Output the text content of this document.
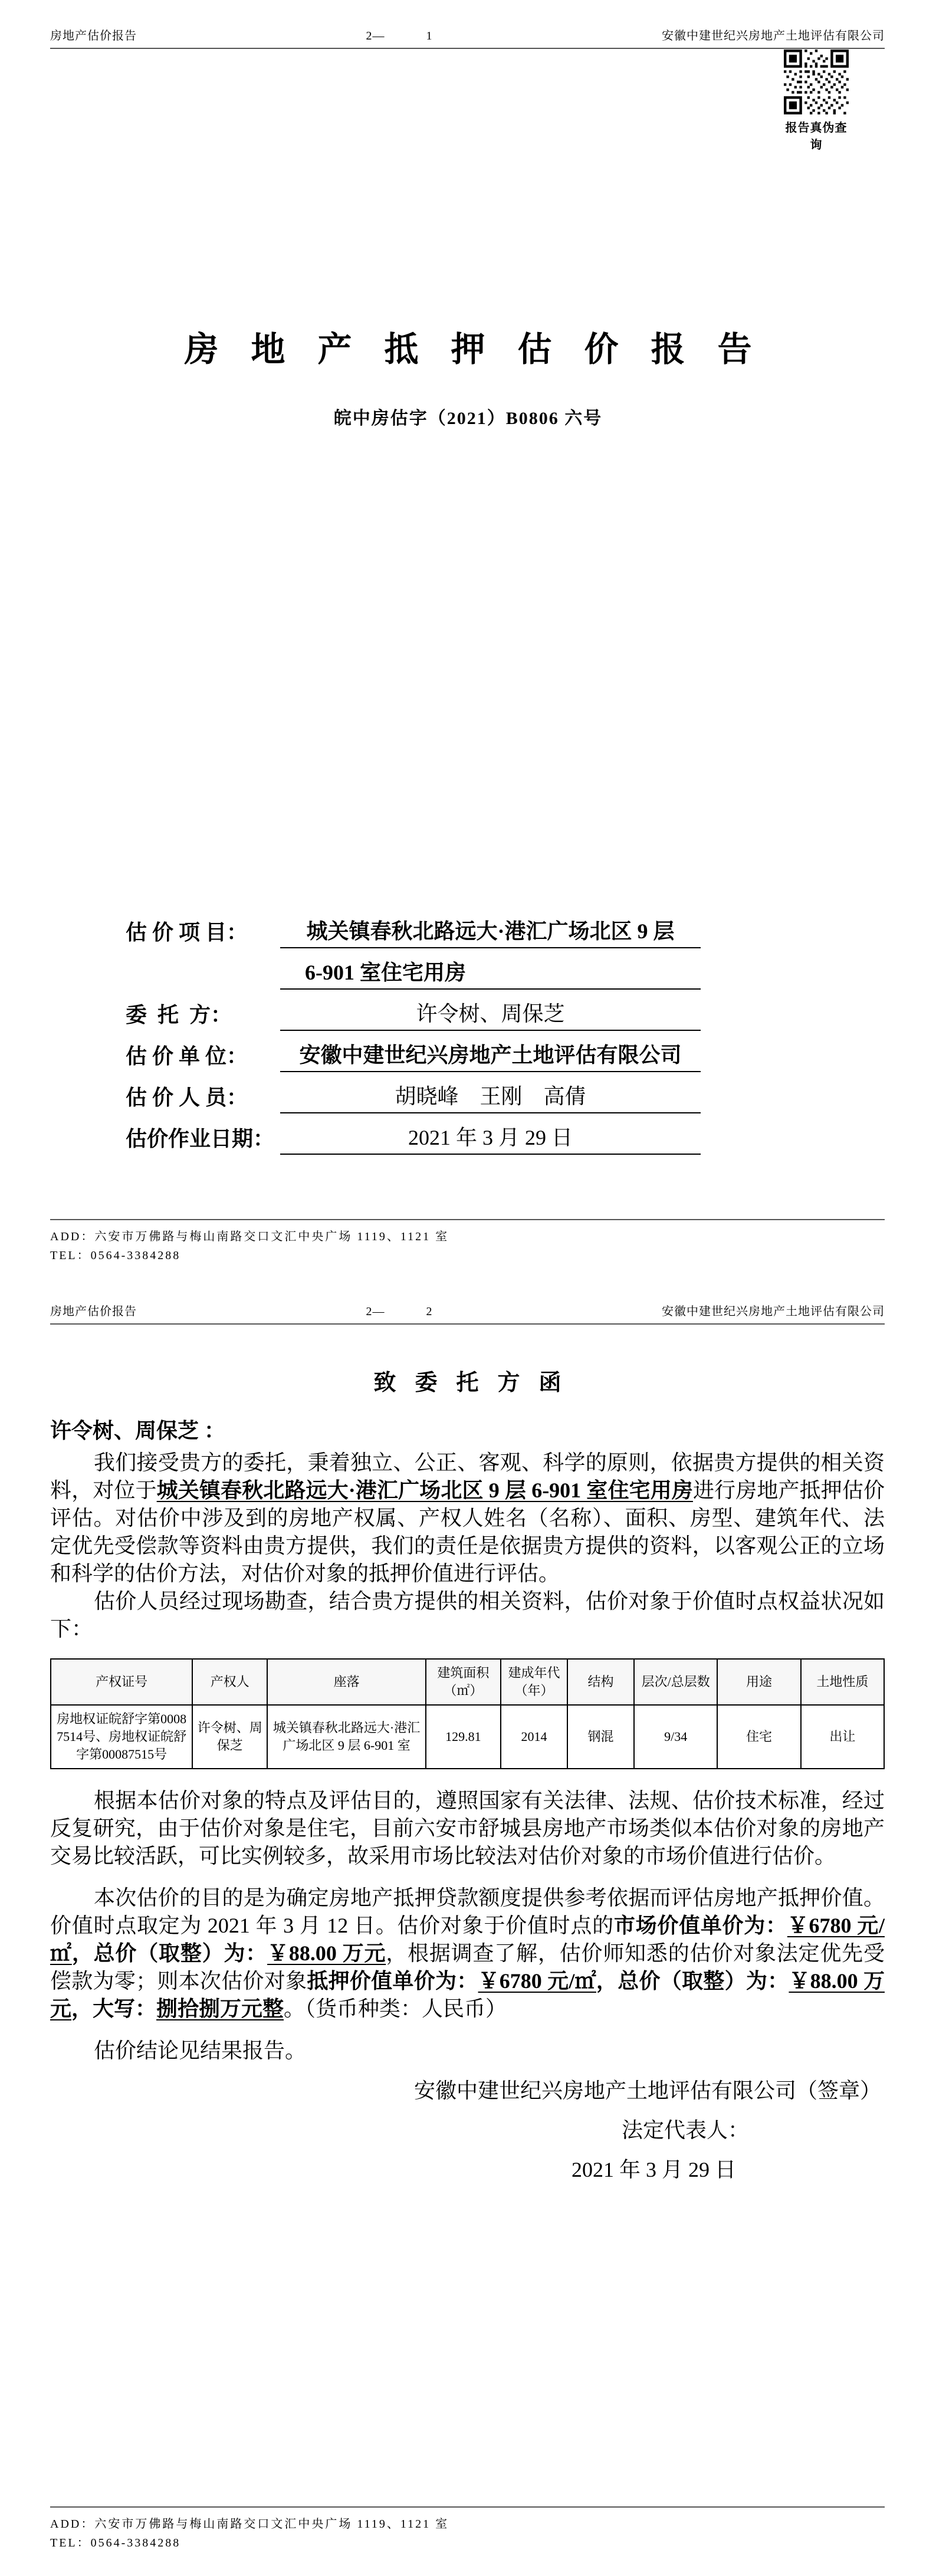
房地产估价报告	2—	1	安徽中建世纪兴房地产土地评估有限公司
报告真伪查询
房地产抵押估价报告
皖中房估字（2021）B0806 六号
估 价 项 目：	城关镇春秋北路远大·港汇广场北区 9 层
6-901 室住宅用房
委  托  方：	许令树、周保芝
估 价 单 位：	安徽中建世纪兴房地产土地评估有限公司
估 价 人 员：	胡晓峰　王刚　高倩
估价作业日期：	2021 年 3 月 29 日
ADD：六安市万佛路与梅山南路交口文汇中央广场 1119、1121 室
TEL：0564-3384288
房地产估价报告	2—	2	安徽中建世纪兴房地产土地评估有限公司
致委托方函
许令树、周保芝 ：

我们接受贵方的委托，秉着独立、公正、客观、科学的原则，依据贵方提供的相关资料，对位于城关镇春秋北路远大·港汇广场北区 9 层 6-901 室住宅用房进行房地产抵押估价评估。对估价中涉及到的房地产权属、产权人姓名（名称）、面积、房型、建筑年代、法定优先受偿款等资料由贵方提供，我们的责任是依据贵方提供的资料，以客观公正的立场和科学的估价方法，对估价对象的抵押价值进行评估。

估价人员经过现场勘查，结合贵方提供的相关资料，估价对象于价值时点权益状况如下：

产权证号	产权人	座落	建筑面积（㎡）	建成年代（年）	结构	层次/总层数	用途	土地性质
房地权证皖舒字第00087514号、房地权证皖舒字第00087515号	许令树、周保芝	城关镇春秋北路远大·港汇广场北区 9 层 6-901 室	129.81	2014	钢混	9/34	住宅	出让

根据本估价对象的特点及评估目的，遵照国家有关法律、法规、估价技术标准，经过反复研究，由于估价对象是住宅，目前六安市舒城县房地产市场类似本估价对象的房地产交易比较活跃，可比实例较多，故采用市场比较法对估价对象的市场价值进行估价。

本次估价的目的是为确定房地产抵押贷款额度提供参考依据而评估房地产抵押价值。价值时点取定为 2021 年 3 月 12 日。估价对象于价值时点的市场价值单价为：￥6780 元/㎡，总价（取整）为：￥88.00 万元，根据调查了解，估价师知悉的估价对象法定优先受偿款为零；则本次估价对象抵押价值单价为：￥6780 元/㎡，总价（取整）为：￥88.00 万元，大写：捌拾捌万元整。（货币种类：人民币）

估价结论见结果报告。

安徽中建世纪兴房地产土地评估有限公司（签章）
法定代表人：
2021 年 3 月 29 日
ADD：六安市万佛路与梅山南路交口文汇中央广场 1119、1121 室
TEL：0564-3384288
